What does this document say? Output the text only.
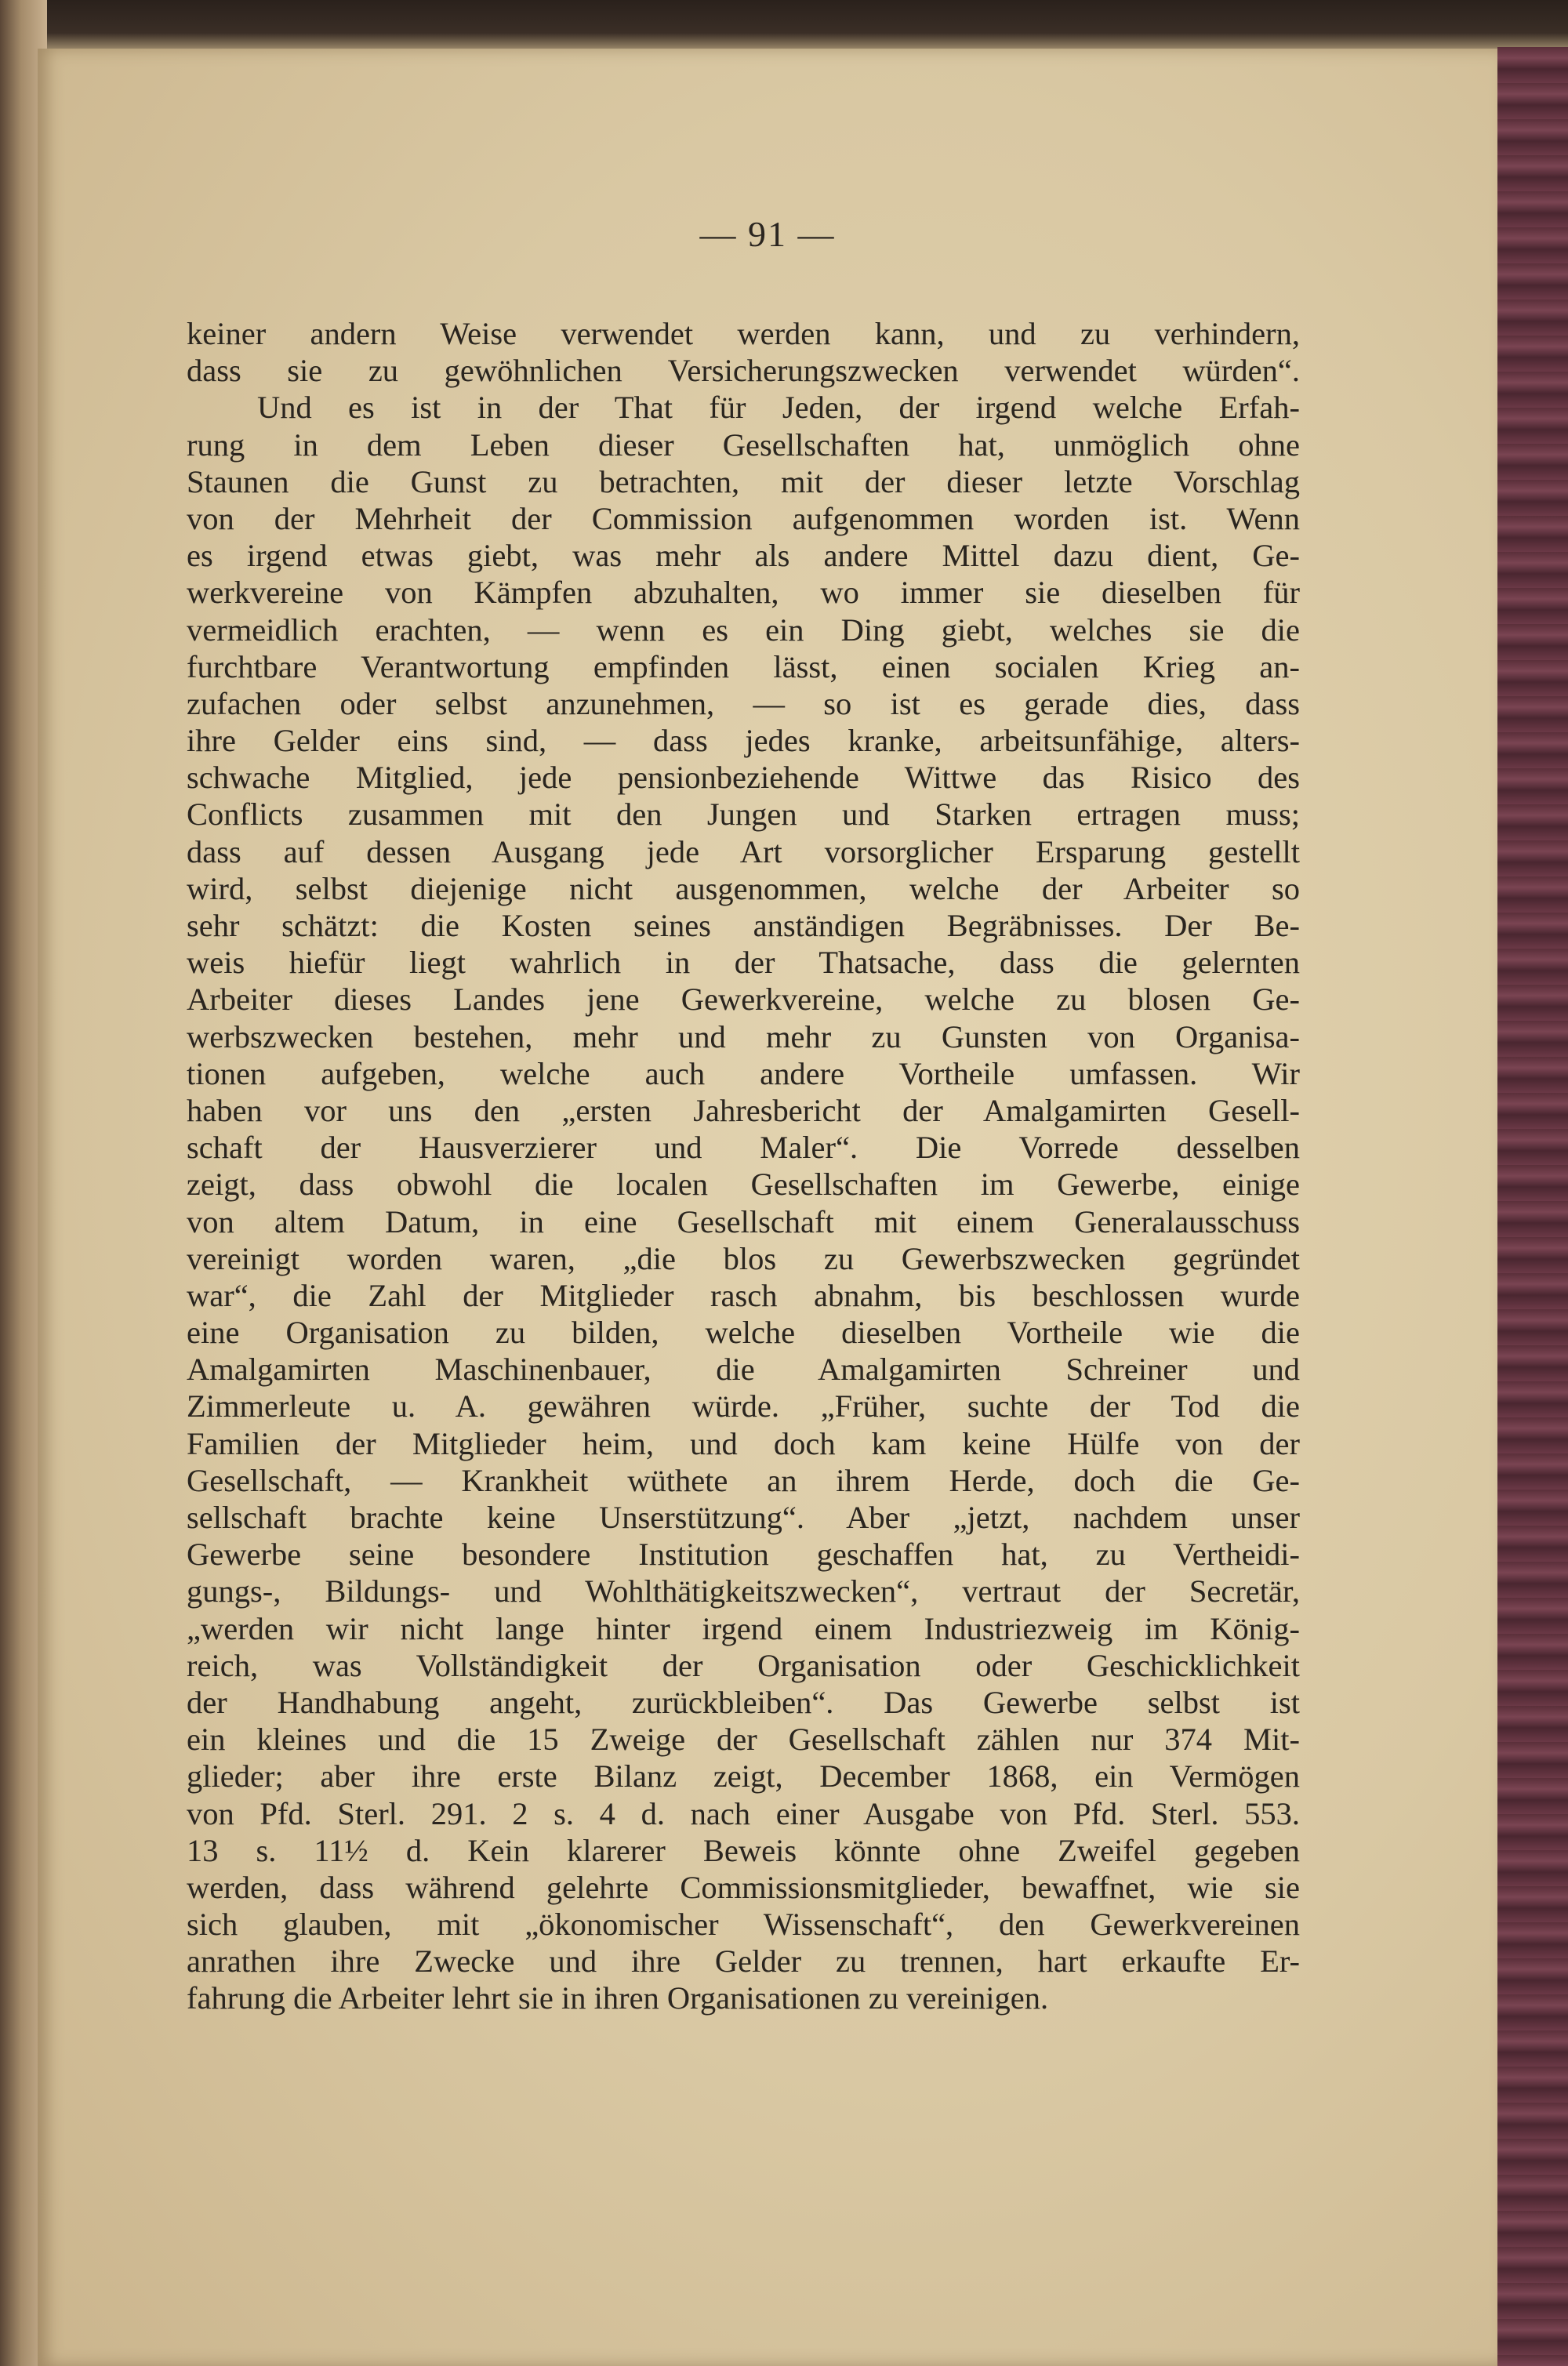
— 91 —
keiner andern Weise verwendet werden kann, und zu verhindern,
dass sie zu gewöhnlichen Versicherungszwecken verwendet würden“.
Und es ist in der That für Jeden, der irgend welche Erfah-
rung in dem Leben dieser Gesellschaften hat, unmöglich ohne
Staunen die Gunst zu betrachten, mit der dieser letzte Vorschlag
von der Mehrheit der Commission aufgenommen worden ist. Wenn
es irgend etwas giebt, was mehr als andere Mittel dazu dient, Ge-
werkvereine von Kämpfen abzuhalten, wo immer sie dieselben für
vermeidlich erachten, — wenn es ein Ding giebt, welches sie die
furchtbare Verantwortung empfinden lässt, einen socialen Krieg an-
zufachen oder selbst anzunehmen, — so ist es gerade dies, dass
ihre Gelder eins sind, — dass jedes kranke, arbeitsunfähige, alters-
schwache Mitglied, jede pensionbeziehende Wittwe das Risico des
Conflicts zusammen mit den Jungen und Starken ertragen muss;
dass auf dessen Ausgang jede Art vorsorglicher Ersparung gestellt
wird, selbst diejenige nicht ausgenommen, welche der Arbeiter so
sehr schätzt: die Kosten seines anständigen Begräbnisses. Der Be-
weis hiefür liegt wahrlich in der Thatsache, dass die gelernten
Arbeiter dieses Landes jene Gewerkvereine, welche zu blosen Ge-
werbszwecken bestehen, mehr und mehr zu Gunsten von Organisa-
tionen aufgeben, welche auch andere Vortheile umfassen. Wir
haben vor uns den „ersten Jahresbericht der Amalgamirten Gesell-
schaft der Hausverzierer und Maler“. Die Vorrede desselben
zeigt, dass obwohl die localen Gesellschaften im Gewerbe, einige
von altem Datum, in eine Gesellschaft mit einem Generalausschuss
vereinigt worden waren, „die blos zu Gewerbszwecken gegründet
war“, die Zahl der Mitglieder rasch abnahm, bis beschlossen wurde
eine Organisation zu bilden, welche dieselben Vortheile wie die
Amalgamirten Maschinenbauer, die Amalgamirten Schreiner und
Zimmerleute u. A. gewähren würde. „Früher, suchte der Tod die
Familien der Mitglieder heim, und doch kam keine Hülfe von der
Gesellschaft, — Krankheit wüthete an ihrem Herde, doch die Ge-
sellschaft brachte keine Unserstützung“. Aber „jetzt, nachdem unser
Gewerbe seine besondere Institution geschaffen hat, zu Vertheidi-
gungs-, Bildungs- und Wohlthätigkeitszwecken“, vertraut der Secretär,
„werden wir nicht lange hinter irgend einem Industriezweig im König-
reich, was Vollständigkeit der Organisation oder Geschicklichkeit
der Handhabung angeht, zurückbleiben“. Das Gewerbe selbst ist
ein kleines und die 15 Zweige der Gesellschaft zählen nur 374 Mit-
glieder; aber ihre erste Bilanz zeigt, December 1868, ein Vermögen
von Pfd. Sterl. 291. 2 s. 4 d. nach einer Ausgabe von Pfd. Sterl. 553.
13 s. 11½ d. Kein klarerer Beweis könnte ohne Zweifel gegeben
werden, dass während gelehrte Commissionsmitglieder, bewaffnet, wie sie
sich glauben, mit „ökonomischer Wissenschaft“, den Gewerkvereinen
anrathen ihre Zwecke und ihre Gelder zu trennen, hart erkaufte Er-
fahrung die Arbeiter lehrt sie in ihren Organisationen zu vereinigen.
